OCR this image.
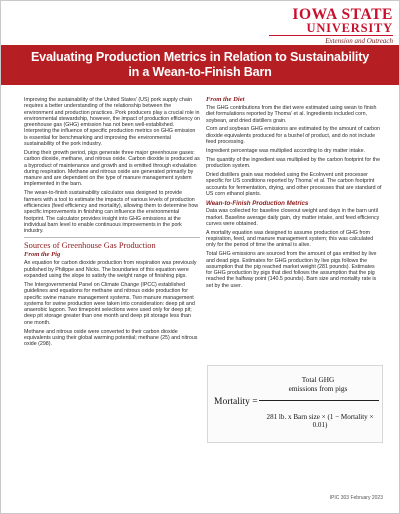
IOWA STATE
UNIVERSITY
Extension and Outreach
Evaluating Production Metrics in Relation to Sustainability
in a Wean-to-Finish Barn

Improving the sustainability of the United States' (US) pork supply chain requires a better understanding of the relationship between the environment and production practices. Pork producers play a crucial role in environmental stewardship, however, the impact of production efficiency on greenhouse gas (GHG) emission has not been well-established. Interpreting the influence of specific production metrics on GHG emission is essential for benchmarking and improving the environmental sustainability of the pork industry.

During their growth period, pigs generate three major greenhouse gases: carbon dioxide, methane, and nitrous oxide. Carbon dioxide is produced as a byproduct of maintenance and growth and is emitted through exhalation during respiration. Methane and nitrous oxide are generated primarily by manure and are dependent on the type of manure management system implemented in the barn.

The wean-to-finish sustainability calculator was designed to provide farmers with a tool to estimate the impacts of various levels of production efficiencies (feed efficiency and mortality), allowing them to determine how specific improvements in finishing can influence the environmental footprint. The calculator provides insight into GHG emissions at the individual barn level to enable continuous improvements in the pork industry.

Sources of Greenhouse Gas Production
From the Pig

An equation for carbon dioxide production from respiration was previously published by Philippe and Nicks. The boundaries of this equation were expanded using the slope to satisfy the weight range of finishing pigs.

The Intergovernmental Panel on Climate Change (IPCC) established guidelines and equations for methane and nitrous oxide production for specific swine manure management systems. Two manure management systems for swine production were taken into consideration: deep pit and anaerobic lagoon. Two timepoint selections were used only for deep pit; deep pit storage greater than one month and deep pit storage less than one month.

Methane and nitrous oxide were converted to their carbon dioxide equivalents using their global warming potential; methane (25) and nitrous oxide (298).

From the Diet

The GHG contributions from the diet were estimated using wean to finish diet formulations reported by Thoma' et al. Ingredients included corn, soybean, and dried distillers grain.

Corn and soybean GHG emissions are estimated by the amount of carbon dioxide equivalents produced for a bushel of product, and do not include feed processing.

Ingredient percentage was multiplied according to dry matter intake.

The quantity of the ingredient was multiplied by the carbon footprint for the production system.

Dried distillers grain was modeled using the EcoInvent unit processer specific for US conditions reported by Thoma' et al. The carbon footprint accounts for fermentation, drying, and other processes that are standard of US corn ethanol plants.

Wean-to-Finish Production Metrics

Data was collected for baseline closeout weight and days in the barn until market. Baseline average daily gain, dry matter intake, and feed efficiency curves were obtained.

A mortality equation was designed to assume production of GHG from respiration, feed, and manure management system; this was calculated only for the period of time the animal is alive.

Total GHG emissions are sourced from the amount of gas emitted by live and dead pigs. Estimates for GHG production by live pigs follows the assumption that the pig reached market weight (281 pounds). Estimates for GHG production by pigs that died follows the assumption that the pig reached the halfway point (140.5 pounds). Barn size and mortality rate is set by the user.

Mortality =
Total GHG
emissions from pigs
281 lb. x Barn size × (1 − Mortality × 0.01)
IPIC 303 February 2023
